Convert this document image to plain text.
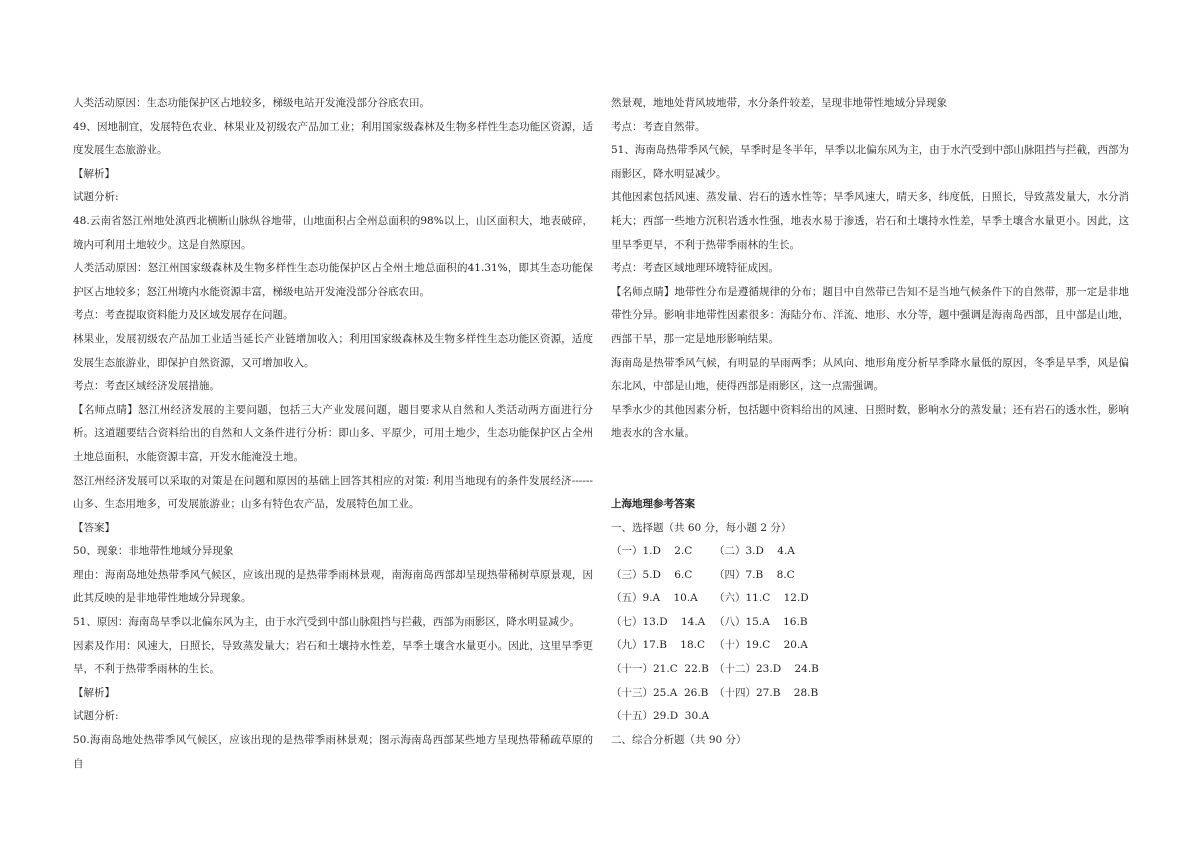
人类活动原因：生态功能保护区占地较多，梯级电站开发淹没部分谷底农田。

49、因地制宜，发展特色农业、林果业及初级农产品加工业；利用国家级森林及生物多样性生态功能区资源，适度发展生态旅游业。

【解析】

试题分析:

48.云南省怒江州地处滇西北横断山脉纵谷地带，山地面积占全州总面积的98%以上，山区面积大，地表破碎，境内可利用土地较少。这是自然原因。

人类活动原因：怒江州国家级森林及生物多样性生态功能保护区占全州土地总面积的41.31%，即其生态功能保护区占地较多；怒江州境内水能资源丰富，梯级电站开发淹没部分谷底农田。

考点：考查提取资料能力及区域发展存在问题。

林果业，发展初级农产品加工业适当延长产业链增加收入；利用国家级森林及生物多样性生态功能区资源，适度发展生态旅游业，即保护自然资源，又可增加收入。

考点：考查区域经济发展措施。

【名师点睛】怒江州经济发展的主要问题，包括三大产业发展问题，题目要求从自然和人类活动两方面进行分析。这道题要结合资料给出的自然和人文条件进行分析：即山多、平原少，可用土地少，生态功能保护区占全州土地总面积，水能资源丰富，开发水能淹没土地。

怒江州经济发展可以采取的对策是在问题和原因的基础上回答其相应的对策: 利用当地现有的条件发展经济------山多、生态用地多，可发展旅游业；山多有特色农产品，发展特色加工业。

【答案】

50、现象：非地带性地域分异现象

理由：海南岛地处热带季风气候区，应该出现的是热带季雨林景观，南海南岛西部却呈现热带稀树草原景观，因此其反映的是非地带性地域分异现象。

51、原因：海南岛旱季以北偏东风为主，由于水汽受到中部山脉阻挡与拦截，西部为雨影区，降水明显减少。

因素及作用：风速大，日照长，导致蒸发量大；岩石和土壤持水性差，旱季土壤含水量更小。因此，这里旱季更旱，不利于热带季雨林的生长。

【解析】

试题分析:

50.海南岛地处热带季风气候区，应该出现的是热带季雨林景观；图示海南岛西部某些地方呈现热带稀疏草原的自

然景观，地地处背风坡地带，水分条件较差，呈现非地带性地域分异现象

考点：考查自然带。

51、海南岛热带季风气候，旱季时是冬半年，旱季以北偏东风为主，由于水汽受到中部山脉阻挡与拦截，西部为雨影区，降水明显减少。

其他因素包括风速、蒸发量、岩石的透水性等；旱季风速大，晴天多，纬度低，日照长，导致蒸发量大，水分消耗大；西部一些地方沉积岩透水性强，地表水易于渗透，岩石和土壤持水性差，旱季土壤含水量更小。因此，这里旱季更旱，不利于热带季雨林的生长。

考点：考查区域地理环境特征成因。

【名师点睛】地带性分布是遵循规律的分布；题目中自然带已告知不是当地气候条件下的自然带，那一定是非地带性分异。影响非地带性因素很多：海陆分布、洋流、地形、水分等，题中强调是海南岛西部，且中部是山地，西部干旱，那一定是地形影响结果。

海南岛是热带季风气候，有明显的旱雨两季；从风向、地形角度分析旱季降水量低的原因，冬季是旱季，风是偏东北风，中部是山地，使得西部是雨影区，这一点需强调。

旱季水少的其他因素分析，包括题中资料给出的风速、日照时数，影响水分的蒸发量；还有岩石的透水性，影响地表水的含水量。

上海地理参考答案

一、选择题（共 60 分，每小题 2 分）

（一）1.D    2.C	（二）3.D    4.A
（三）5.D    6.C	（四）7.B    8.C
（五）9.A    10.A	（六）11.C    12.D
（七）13.D    14.A （八）15.A    16.B
（九）17.B    18.C （十）19.C    20.A
（十一）21.C  22.B （十二）23.D    24.B
（十三）25.A  26.B （十四）27.B    28.B
（十五）29.D  30.A

二、综合分析题（共 90 分）
